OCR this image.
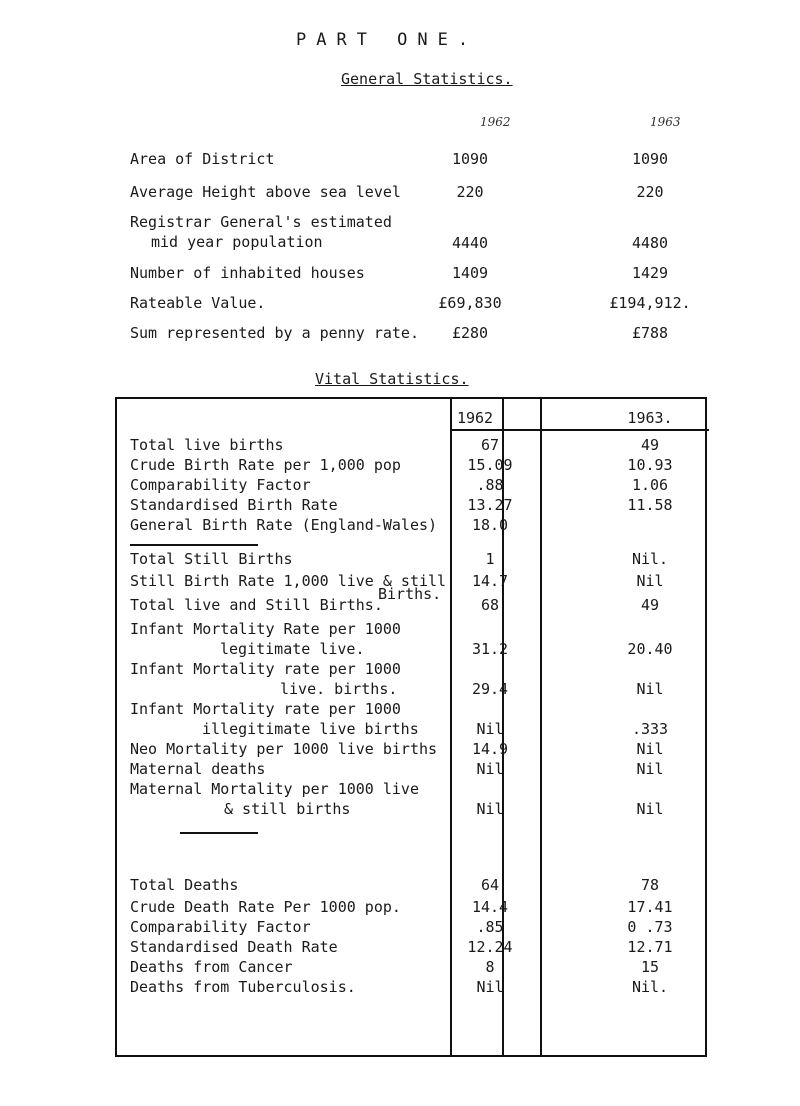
PART ONE.
General Statistics.
1962	1963
Area of District	1090	1090
Average Height above sea level	220	220
Registrar General's estimated
mid year population	4440	4480
Number of inhabited houses	1409	1429
Rateable Value.	£69,830	£194,912.
Sum represented by a penny rate.	£280	£788
Vital Statistics.
1962	1963.
Total live births	67	49
Crude Birth Rate per 1,000 pop	15.09	10.93
Comparability Factor	.88	1.06
Standardised Birth Rate	13.27	11.58
General Birth Rate (England-Wales)	18.0
Total Still Births	1	Nil.
Still Birth Rate 1,000 live & still	14.7	Nil
Births.
Total live and Still Births.	68	49
Infant Mortality Rate per 1000
legitimate live.	31.2	20.40
Infant Mortality rate per 1000
live. births.	29.4	Nil
Infant Mortality rate per 1000
illegitimate live births	Nil	.333
Neo Mortality per 1000 live births	14.9	Nil
Maternal deaths	Nil	Nil
Maternal Mortality per 1000 live
& still births	Nil	Nil
Total Deaths	64	78
Crude Death Rate Per 1000 pop.	14.4	17.41
Comparability Factor	.85	0 .73
Standardised Death Rate	12.24	12.71
Deaths from Cancer	8	15
Deaths from Tuberculosis.	Nil	Nil.
